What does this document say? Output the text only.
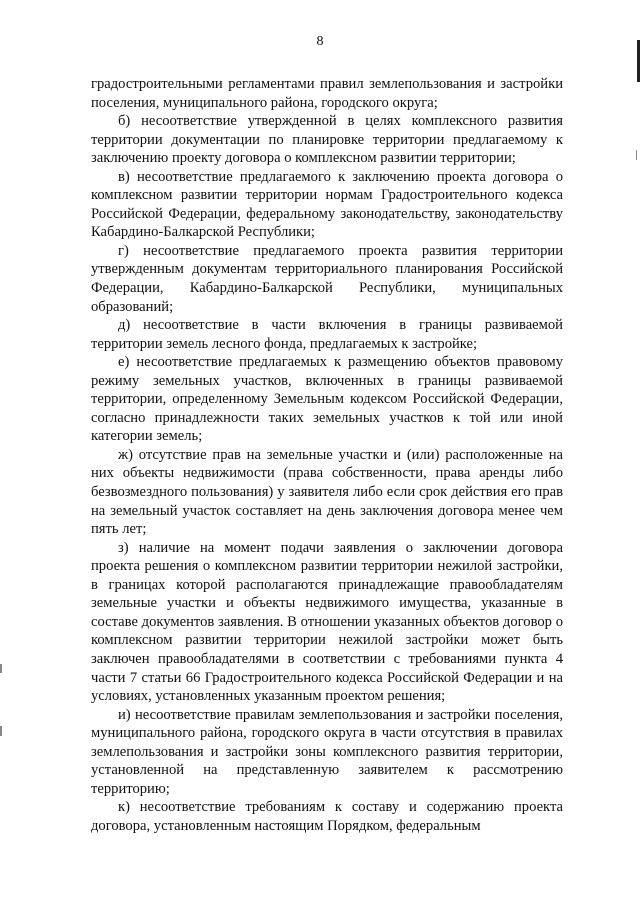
8

градостроительными регламентами правил землепользования и застройки поселения, муниципального района, городского округа;

б) несоответствие утвержденной в целях комплексного развития территории документации по планировке территории предлагаемому к заключению проекту договора о комплексном развитии территории;

в) несоответствие предлагаемого к заключению проекта договора о комплексном развитии территории нормам Градостроительного кодекса Российской Федерации, федеральному законодательству, законодательству Кабардино-Балкарской Республики;

г) несоответствие предлагаемого проекта развития территории утвержденным документам территориального планирования Российской Федерации, Кабардино-Балкарской Республики, муниципальных образований;

д) несоответствие в части включения в границы развиваемой территории земель лесного фонда, предлагаемых к застройке;

е) несоответствие предлагаемых к размещению объектов правовому режиму земельных участков, включенных в границы развиваемой территории, определенному Земельным кодексом Российской Федерации, согласно принадлежности таких земельных участков к той или иной категории земель;

ж) отсутствие прав на земельные участки и (или) расположенные на них объекты недвижимости (права собственности, права аренды либо безвозмездного пользования) у заявителя либо если срок действия его прав на земельный участок составляет на день заключения договора менее чем пять лет;

з) наличие на момент подачи заявления о заключении договора проекта решения о комплексном развитии территории нежилой застройки, в границах которой располагаются принадлежащие правообладателям земельные участки и объекты недвижимого имущества, указанные в составе документов заявления. В отношении указанных объектов договор о комплексном развитии территории нежилой застройки может быть заключен правообладателями в соответствии с требованиями пункта 4 части 7 статьи 66 Градостроительного кодекса Российской Федерации и на условиях, установленных указанным проектом решения;

и) несоответствие правилам землепользования и застройки поселения, муниципального района, городского округа в части отсутствия в правилах землепользования и застройки зоны комплексного развития территории, установленной на представленную заявителем к рассмотрению территорию;

к) несоответствие требованиям к составу и содержанию проекта договора, установленным настоящим Порядком, федеральным
